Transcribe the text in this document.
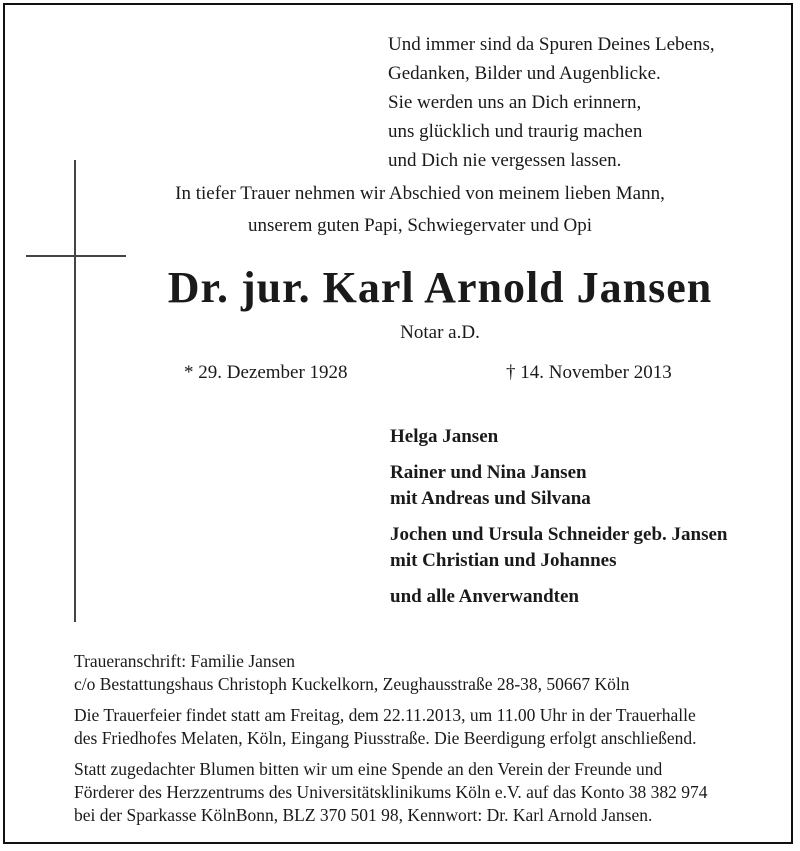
Und immer sind da Spuren Deines Lebens,
Gedanken, Bilder und Augenblicke.
Sie werden uns an Dich erinnern,
uns glücklich und traurig machen
und Dich nie vergessen lassen.
In tiefer Trauer nehmen wir Abschied von meinem lieben Mann,
unserem guten Papi, Schwiegervater und Opi
Dr. jur. Karl Arnold Jansen
Notar a.D.
* 29. Dezember 1928	† 14. November 2013
Helga Jansen
Rainer und Nina Jansen
mit Andreas und Silvana
Jochen und Ursula Schneider geb. Jansen
mit Christian und Johannes
und alle Anverwandten
Traueranschrift: Familie Jansen
c/o Bestattungshaus Christoph Kuckelkorn, Zeughausstraße 28-38, 50667 Köln
Die Trauerfeier findet statt am Freitag, dem 22.11.2013, um 11.00 Uhr in der Trauerhalle
des Friedhofes Melaten, Köln, Eingang Piusstraße. Die Beerdigung erfolgt anschließend.
Statt zugedachter Blumen bitten wir um eine Spende an den Verein der Freunde und
Förderer des Herzzentrums des Universitätsklinikums Köln e.V. auf das Konto 38 382 974
bei der Sparkasse KölnBonn, BLZ 370 501 98, Kennwort: Dr. Karl Arnold Jansen.
